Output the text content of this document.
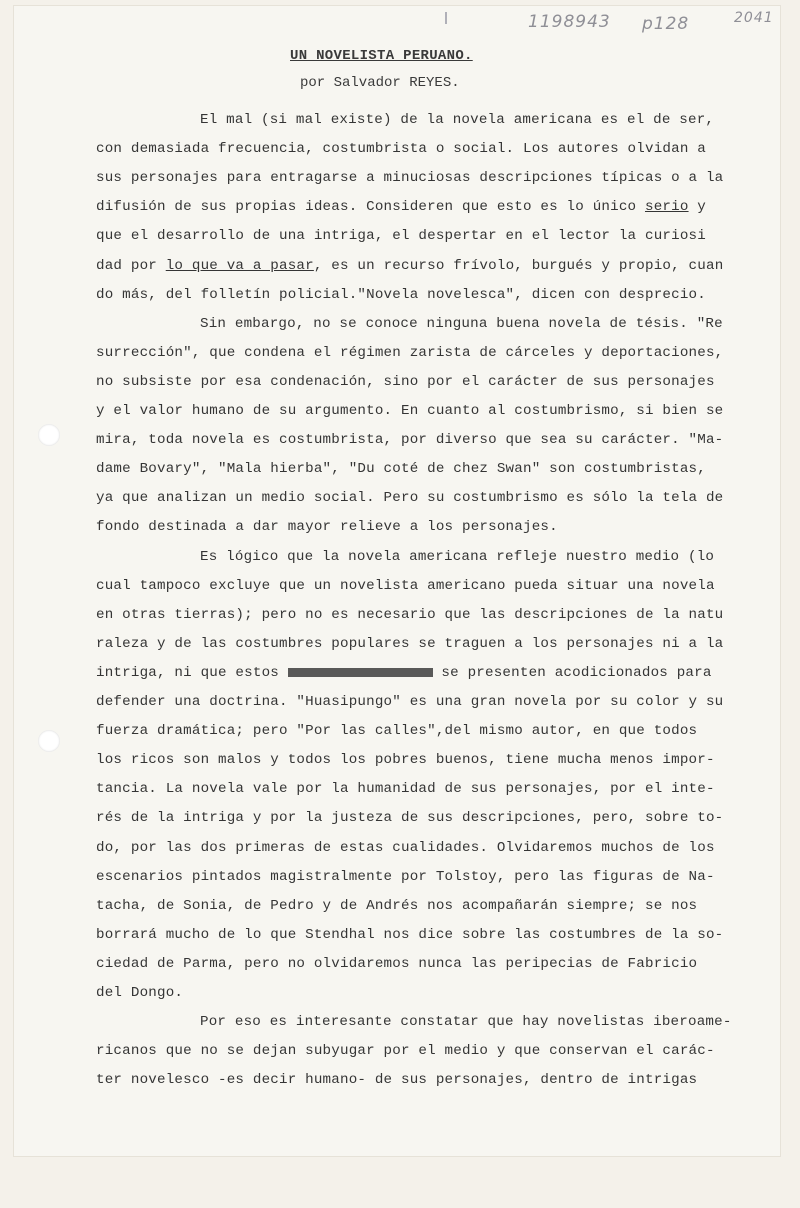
1198943 p128	2041
UN NOVELISTA PERUANO.
por Salvador REYES.
El mal (si mal existe) de la novela americana es el de ser,
con demasiada frecuencia, costumbrista o social. Los autores olvidan a
sus personajes para entragarse a minuciosas descripciones típicas o a la
difusión de sus propias ideas. Consideren que esto es lo único serio y
que el desarrollo de una intriga, el despertar en el lector la curiosi
dad por lo que va a pasar, es un recurso frívolo, burgués y propio, cuan
do más, del folletín policial."Novela novelesca", dicen con desprecio.
Sin embargo, no se conoce ninguna buena novela de tésis. "Re
surrección", que condena el régimen zarista de cárceles y deportaciones,
no subsiste por esa condenación, sino por el carácter de sus personajes
y el valor humano de su argumento. En cuanto al costumbrismo, si bien se
mira, toda novela es costumbrista, por diverso que sea su carácter. "Ma-
dame Bovary", "Mala hierba", "Du coté de chez Swan" son costumbristas,
ya que analizan un medio social. Pero su costumbrismo es sólo la tela de
fondo destinada a dar mayor relieve a los personajes.
Es lógico que la novela americana refleje nuestro medio (lo
cual tampoco excluye que un novelista americano pueda situar una novela
en otras tierras); pero no es necesario que las descripciones de la natu
raleza y de las costumbres populares se traguen a los personajes ni a la
intriga, ni que estos	se presenten acodicionados para
defender una doctrina. "Huasipungo" es una gran novela por su color y su
fuerza dramática; pero "Por las calles",del mismo autor, en que todos
los ricos son malos y todos los pobres buenos, tiene mucha menos impor-
tancia. La novela vale por la humanidad de sus personajes, por el inte-
rés de la intriga y por la justeza de sus descripciones, pero, sobre to-
do, por las dos primeras de estas cualidades. Olvidaremos muchos de los
escenarios pintados magistralmente por Tolstoy, pero las figuras de Na-
tacha, de Sonia, de Pedro y de Andrés nos acompañarán siempre; se nos
borrará mucho de lo que Stendhal nos dice sobre las costumbres de la so-
ciedad de Parma, pero no olvidaremos nunca las peripecias de Fabricio
del Dongo.
Por eso es interesante constatar que hay novelistas iberoame-
ricanos que no se dejan subyugar por el medio y que conservan el carác-
ter novelesco -es decir humano- de sus personajes, dentro de intrigas
